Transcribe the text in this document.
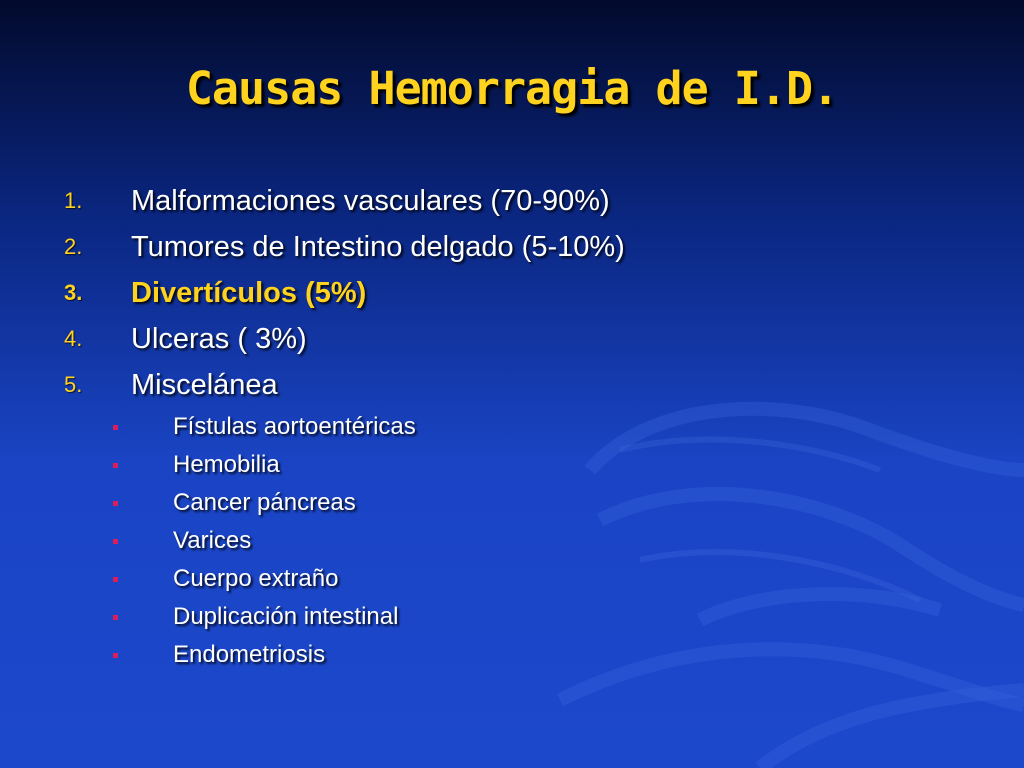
Causas Hemorragia de I.D.
1. Malformaciones vasculares (70-90%)
2. Tumores de Intestino delgado (5-10%)
3. Divertículos (5%)
4. Ulceras ( 3%)
5. Miscelánea
Fístulas aortoentéricas
Hemobilia
Cancer páncreas
Varices
Cuerpo extraño
Duplicación intestinal
Endometriosis
